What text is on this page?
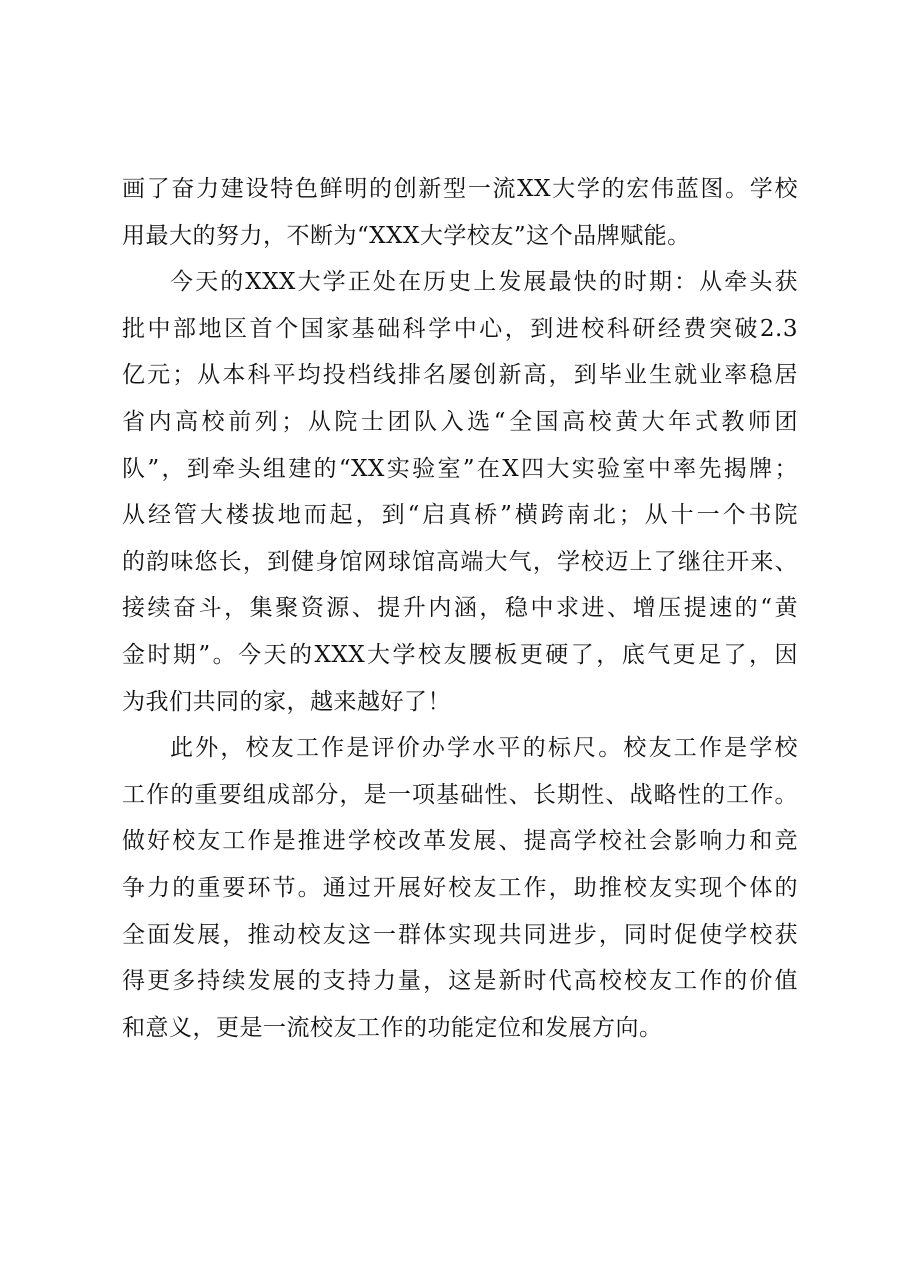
画了奋力建设特色鲜明的创新型一流XX大学的宏伟蓝图。学校
用最大的努力，不断为“XXX大学校友”这个品牌赋能。
今天的XXX大学正处在历史上发展最快的时期：从牵头获
批中部地区首个国家基础科学中心，到进校科研经费突破2.3
亿元；从本科平均投档线排名屡创新高，到毕业生就业率稳居
省内高校前列；从院士团队入选“全国高校黄大年式教师团
队”，到牵头组建的“XX实验室”在X四大实验室中率先揭牌；
从经管大楼拔地而起，到“启真桥”横跨南北；从十一个书院
的韵味悠长，到健身馆网球馆高端大气，学校迈上了继往开来、
接续奋斗，集聚资源、提升内涵，稳中求进、增压提速的“黄
金时期”。今天的XXX大学校友腰板更硬了，底气更足了，因
为我们共同的家，越来越好了！
此外，校友工作是评价办学水平的标尺。校友工作是学校
工作的重要组成部分，是一项基础性、长期性、战略性的工作。
做好校友工作是推进学校改革发展、提高学校社会影响力和竞
争力的重要环节。通过开展好校友工作，助推校友实现个体的
全面发展，推动校友这一群体实现共同进步，同时促使学校获
得更多持续发展的支持力量，这是新时代高校校友工作的价值
和意义，更是一流校友工作的功能定位和发展方向。
